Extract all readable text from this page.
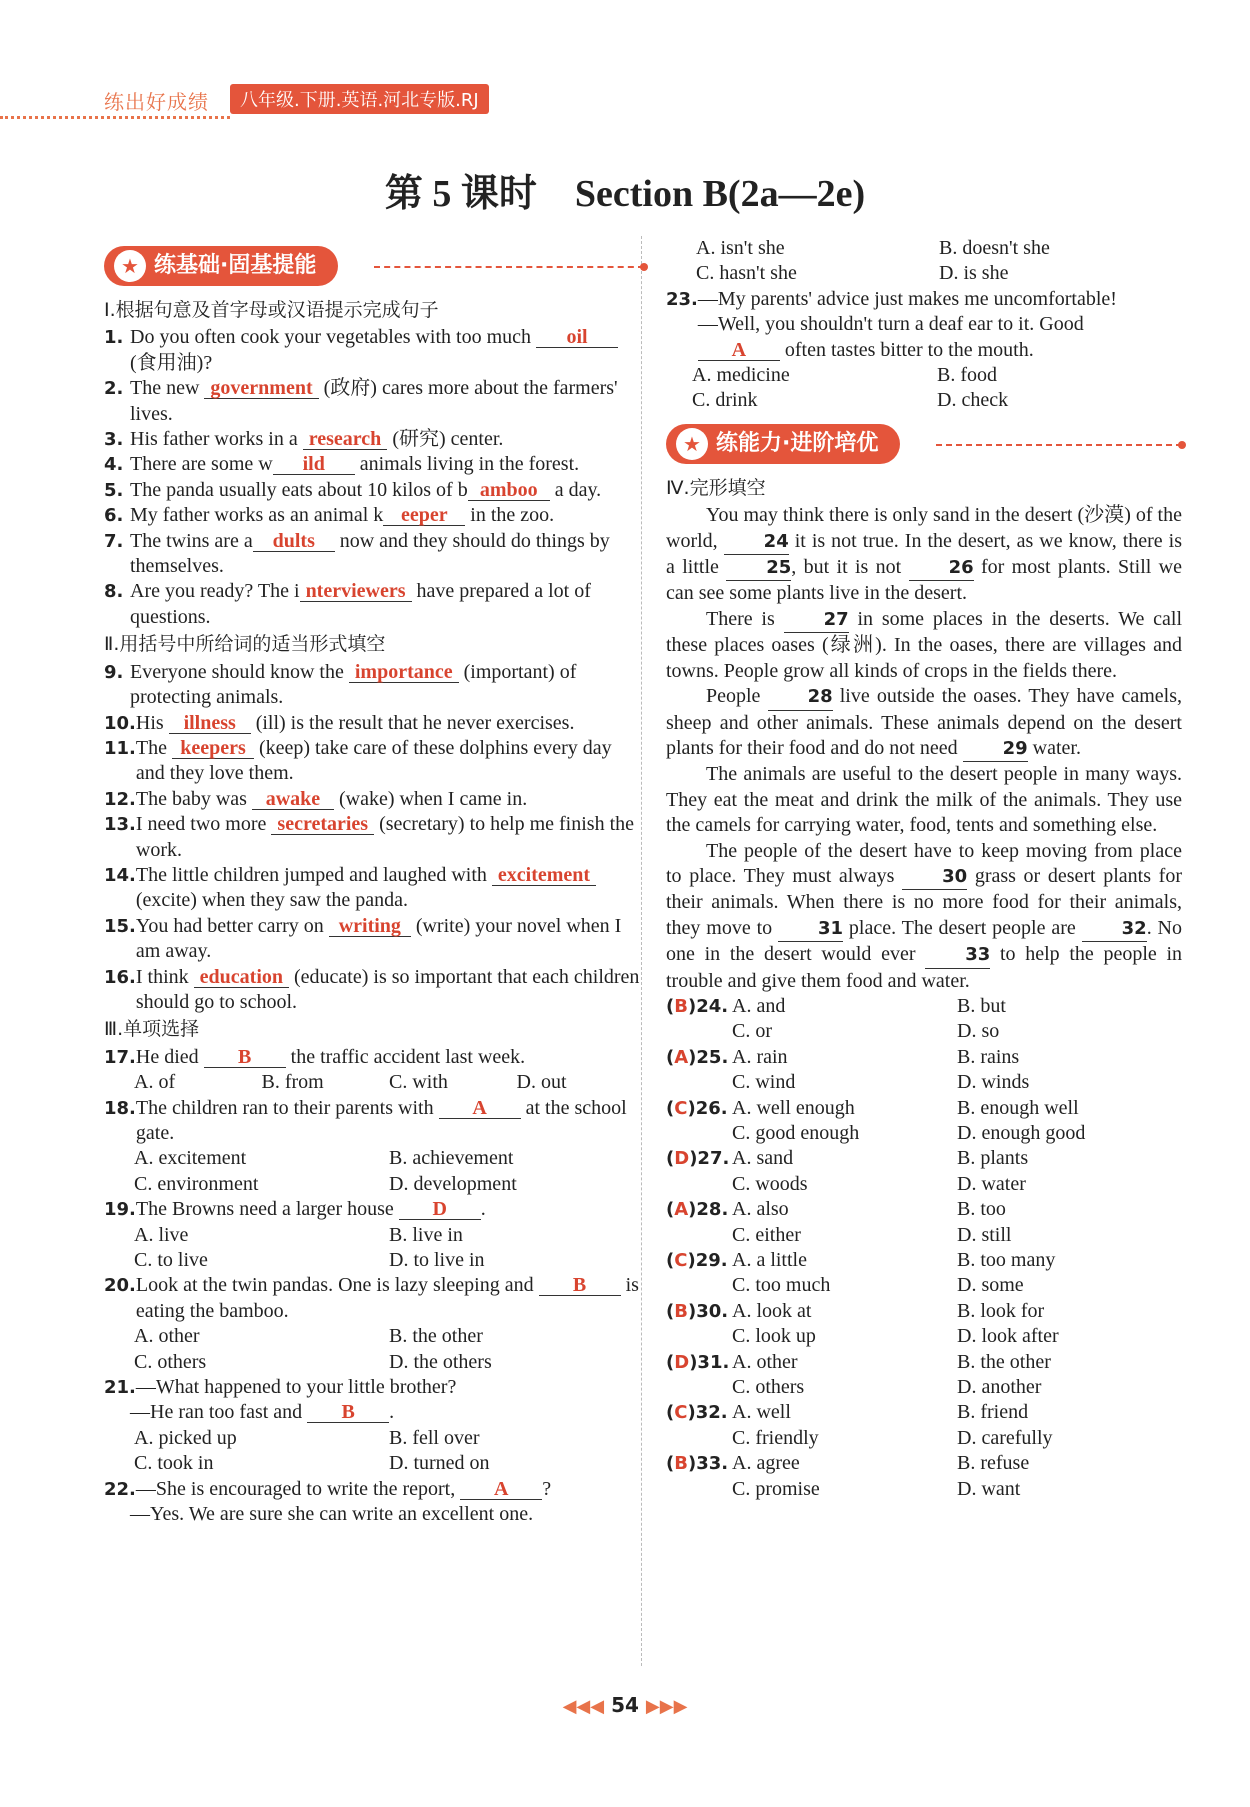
练出好成绩	八年级.下册.英语.河北专版.RJ
第 5 课时　Section B(2a—2e)
★ 练基础·固基提能
Ⅰ.根据句意及首字母或汉语提示完成句子
1. Do you often cook your vegetables with too much oil(食用油)?
2. The new government (政府) cares more about the farmers' lives.
3. His father works in a research (研究) center.
4. There are some w ild animals living in the forest.
5. The panda usually eats about 10 kilos of b amboo a day.
6. My father works as an animal k eeper in the zoo.
7. The twins are a dults now and they should do things by themselves.
8. Are you ready? The i nterviewers have prepared a lot of questions.
Ⅱ.用括号中所给词的适当形式填空
9. Everyone should know the importance (important) of protecting animals.
10. His illness (ill) is the result that he never exercises.
11. The keepers (keep) take care of these dolphins every day and they love them.
12. The baby was awake (wake) when I came in.
13. I need two more secretaries (secretary) to help me finish the work.
14. The little children jumped and laughed with excitement (excite) when they saw the panda.
15. You had better carry on writing (write) your novel when I am away.
16. I think education (educate) is so important that each children should go to school.
Ⅲ.单项选择
17. He died B the traffic accident last week.
A. of	B. from	C. with	D. out
18. The children ran to their parents with A at the school gate.
A. excitement	B. achievement
C. environment	D. development
19. The Browns need a larger house D .
A. live	B. live in
C. to live	D. to live in
20. Look at the twin pandas. One is lazy sleeping and B is eating the bamboo.
A. other	B. the other
C. others	D. the others
21. —What happened to your little brother?
—He ran too fast and B .
A. picked up	B. fell over
C. took in	D. turned on
22. —She is encouraged to write the report, A ?
—Yes. We are sure she can write an excellent one.
A. isn't she	B. doesn't she
C. hasn't she	D. is she
23. —My parents' advice just makes me uncomfortable!
—Well, you shouldn't turn a deaf ear to it. Good
A often tastes bitter to the mouth.
A. medicine	B. food
C. drink	D. check
★ 练能力·进阶培优
Ⅳ.完形填空

You may think there is only sand in the desert (沙漠) of the world,	24 it is not true. In the desert, as we know, there is a little	25, but it is not	26 for most plants. Still we can see some plants live in the desert.

There is	27 in some places in the deserts. We call these places oases (绿洲). In the oases, there are villages and towns. People grow all kinds of crops in the fields there.

People	28 live outside the oases. They have camels, sheep and other animals. These animals depend on the desert plants for their food and do not need	29 water.

The animals are useful to the desert people in many ways. They eat the meat and drink the milk of the animals. They use the camels for carrying water, food, tents and something else.

The people of the desert have to keep moving from place to place. They must always	30 grass or desert plants for their animals. When there is no more food for their animals, they move to	31 place. The desert people are	32. No one in the desert would ever	33 to help the people in trouble and give them food and water.

(B)24. A. and	B. but
C. or	D. so
(A)25. A. rain	B. rains
C. wind	D. winds
(C)26. A. well enough	B. enough well
C. good enough	D. enough good
(D)27. A. sand	B. plants
C. woods	D. water
(A)28. A. also	B. too
C. either	D. still
(C)29. A. a little	B. too many
C. too much	D. some
(B)30. A. look at	B. look for
C. look up	D. look after
(D)31. A. other	B. the other
C. others	D. another
(C)32. A. well	B. friend
C. friendly	D. carefully
(B)33. A. agree	B. refuse
C. promise	D. want
◀◀◀ 54 ▶▶▶
